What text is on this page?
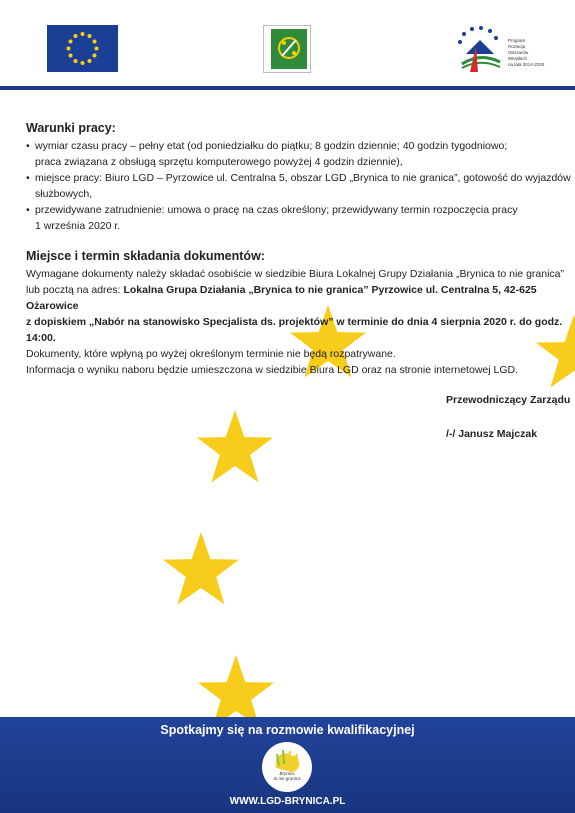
Program
Rozwoju
Obszarów
Wiejskich
na lata 2014-2020
Warunki pracy:
• wymiar czasu pracy – pełny etat (od poniedziałku do piątku; 8 godzin dziennie; 40 godzin tygodniowo;
praca związana z obsługą sprzętu komputerowego powyżej 4 godzin dziennie),
• miejsce pracy: Biuro LGD – Pyrzowice ul. Centralna 5, obszar LGD „Brynica to nie granica”, gotowość do wyjazdów
służbowych,
• przewidywane zatrudnienie: umowa o pracę na czas określony; przewidywany termin rozpoczęcia pracy
1 września 2020 r.
Miejsce i termin składania dokumentów:
Wymagane dokumenty należy składać osobiście w siedzibie Biura Lokalnej Grupy Działania „Brynica to nie granica”
lub pocztą na adres: Lokalna Grupa Działania „Brynica to nie granica” Pyrzowice ul. Centralna 5, 42-625 Ożarowice
z dopiskiem „Nabór na stanowisko Specjalista ds. projektów” w terminie do dnia 4 sierpnia 2020 r. do godz. 14:00.
Dokumenty, które wpłyną po wyżej określonym terminie nie będą rozpatrywane.
Informacja o wyniku naboru będzie umieszczona w siedzibie Biura LGD oraz na stronie internetowej LGD.
Przewodniczący Zarządu
/-/ Janusz Majczak
Spotkajmy się na rozmowie kwalifikacyjnej
Brynica
to nie granica
WWW.LGD-BRYNICA.PL
